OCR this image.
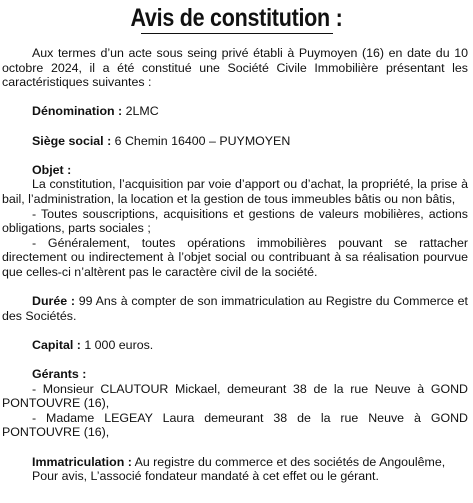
Avis de constitution :

Aux termes d’un acte sous seing privé établi à Puymoyen (16) en date du 10 octobre 2024, il a été constitué une Société Civile Immobilière présentant les caractéristiques suivantes :

Dénomination : 2LMC

Siège social : 6 Chemin 16400 – PUYMOYEN

Objet :

La constitution, l’acquisition par voie d’apport ou d’achat, la propriété, la prise à bail, l’administration, la location et la gestion de tous immeubles bâtis ou non bâtis,

- Toutes souscriptions, acquisitions et gestions de valeurs mobilières, actions obligations, parts sociales ;

- Généralement, toutes opérations immobilières pouvant se rattacher directement ou indirectement à l’objet social ou contribuant à sa réalisation pourvue que celles-ci n’altèrent pas le caractère civil de la société.

Durée : 99 Ans à compter de son immatriculation au Registre du Commerce et des Sociétés.

Capital : 1 000 euros.

Gérants :

- Monsieur CLAUTOUR Mickael, demeurant 38 de la rue Neuve à GOND PONTOUVRE (16),

- Madame LEGEAY Laura demeurant 38 de la rue Neuve à GOND PONTOUVRE (16),

Immatriculation : Au registre du commerce et des sociétés de Angoulême,

Pour avis, L’associé fondateur mandaté à cet effet ou le gérant.
